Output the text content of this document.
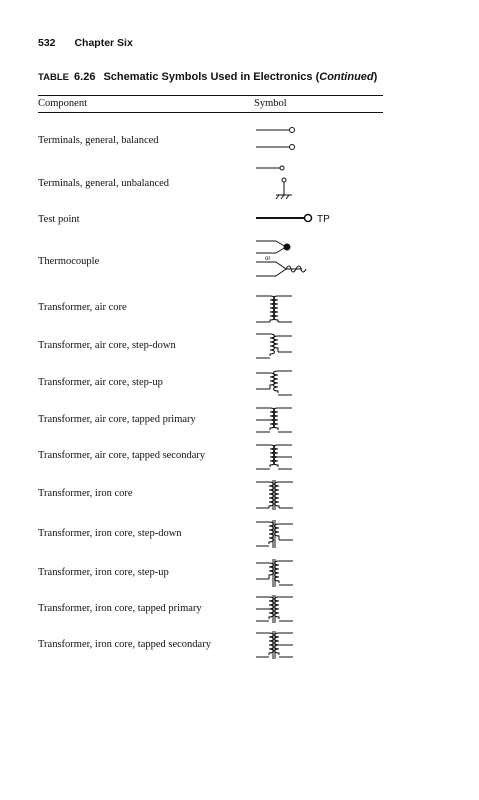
532 Chapter Six
TABLE 6.26 Schematic Symbols Used in Electronics (Continued)
Component	Symbol
Terminals, general, balanced
Terminals, general, unbalanced
Test point
Thermocouple
Transformer, air core
Transformer, air core, step-down
Transformer, air core, step-up
Transformer, air core, tapped primary
Transformer, air core, tapped secondary
Transformer, iron core
Transformer, iron core, step-down
Transformer, iron core, step-up
Transformer, iron core, tapped primary
Transformer, iron core, tapped secondary
TP
or
